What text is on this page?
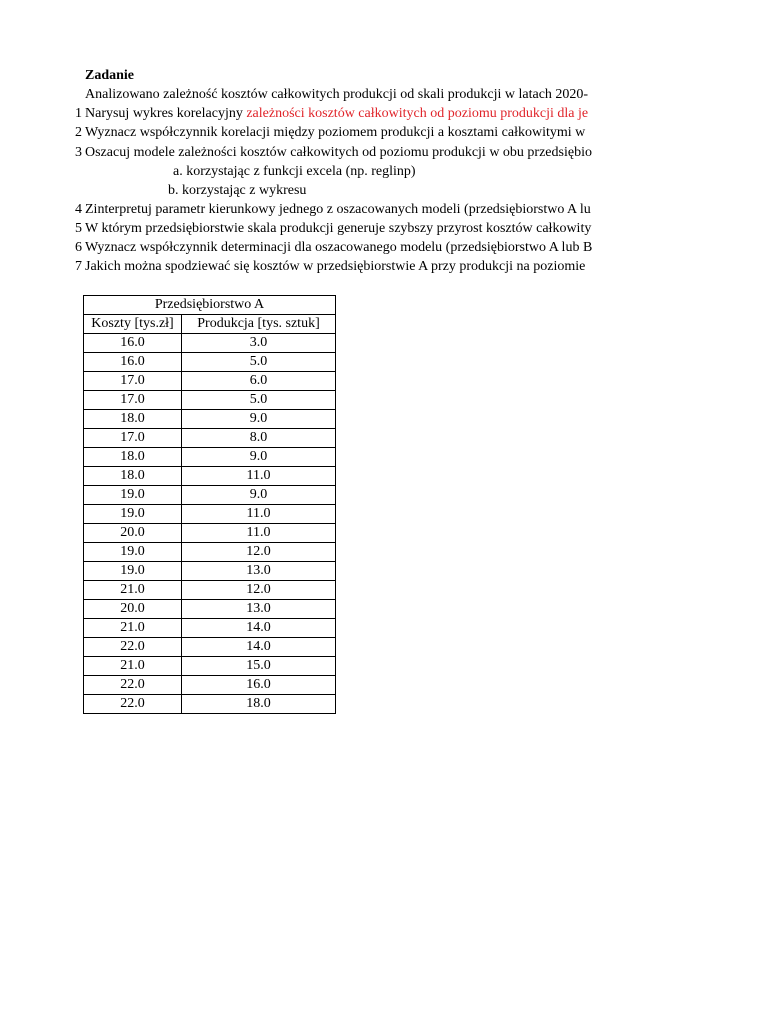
Zadanie
Analizowano zależność kosztów całkowitych produkcji od skali produkcji w latach 2020-
1 Narysuj wykres korelacyjny zależności kosztów całkowitych od poziomu produkcji dla je
2 Wyznacz współczynnik korelacji między poziomem produkcji a kosztami całkowitymi w
3 Oszacuj modele zależności kosztów całkowitych od poziomu produkcji w obu przedsiębio
4 Zinterpretuj parametr kierunkowy jednego z oszacowanych modeli (przedsiębiorstwo A lu
5 W którym przedsiębiorstwie skala produkcji generuje szybszy przyrost kosztów całkowity
6 Wyznacz współczynnik determinacji dla oszacowanego modelu (przedsiębiorstwo A lub B
7 Jakich można spodziewać się kosztów w przedsiębiorstwie A przy produkcji na poziomie
a. korzystając z funkcji excela (np. reglinp)
b. korzystając z wykresu
Przedsiębiorstwo A	
Koszty [tys.zł]	Produkcja [tys. sztuk]
16.0	3.0
16.0	5.0
17.0	6.0
17.0	5.0
18.0	9.0
17.0	8.0
18.0	9.0
18.0	11.0
19.0	9.0
19.0	11.0
20.0	11.0
19.0	12.0
19.0	13.0
21.0	12.0
20.0	13.0
21.0	14.0
22.0	14.0
21.0	15.0
22.0	16.0
22.0	18.0
